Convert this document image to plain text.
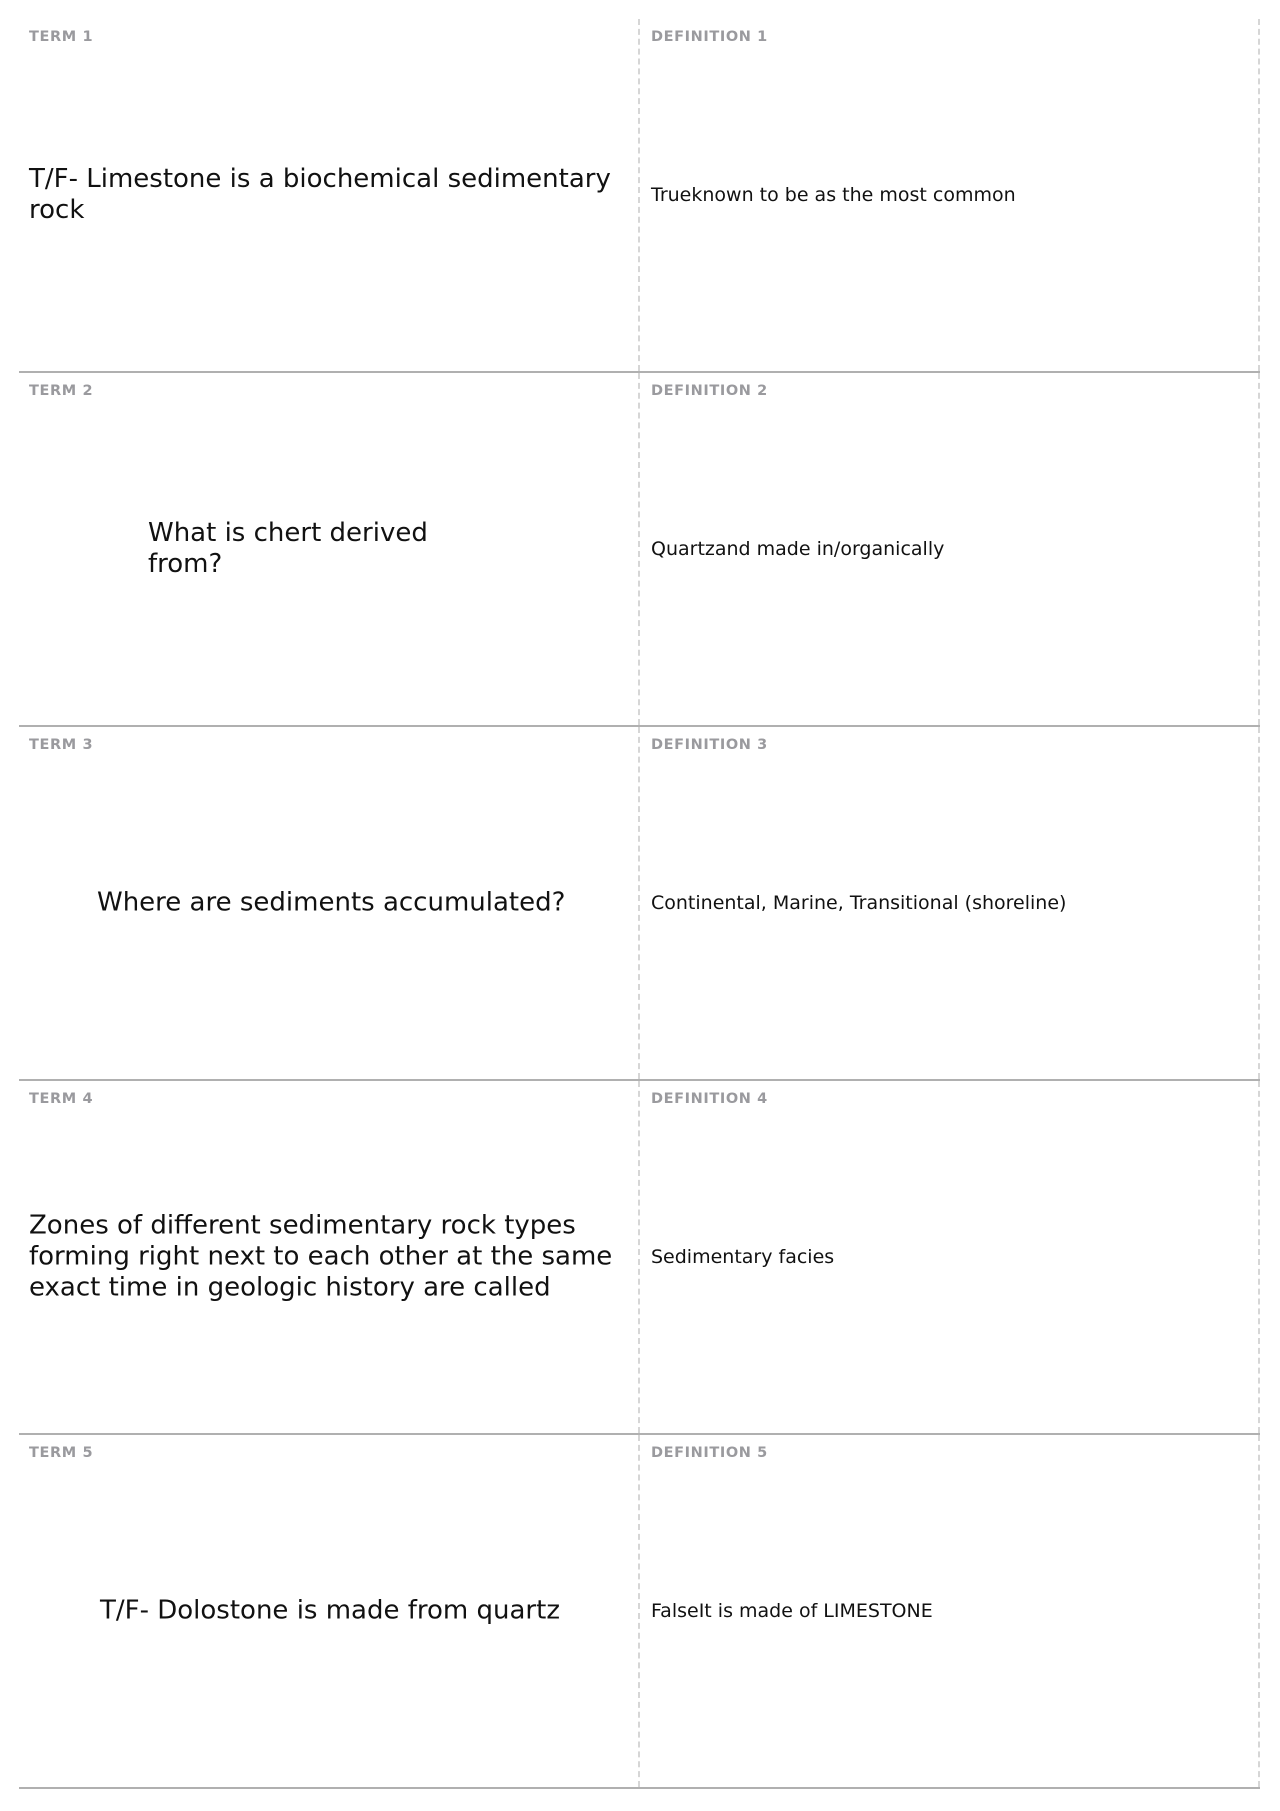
TERM 1
T/F- Limestone is a biochemical sedimentary rock
DEFINITION 1
Trueknown to be as the most common
TERM 2
What is chert derived from?
DEFINITION 2
Quartzand made in/organically
TERM 3
Where are sediments accumulated?
DEFINITION 3
Continental, Marine, Transitional (shoreline)
TERM 4
Zones of different sedimentary rock types forming right next to each other at the same exact time in geologic history are called
DEFINITION 4
Sedimentary facies
TERM 5
T/F- Dolostone is made from quartz
DEFINITION 5
FalseIt is made of LIMESTONE
